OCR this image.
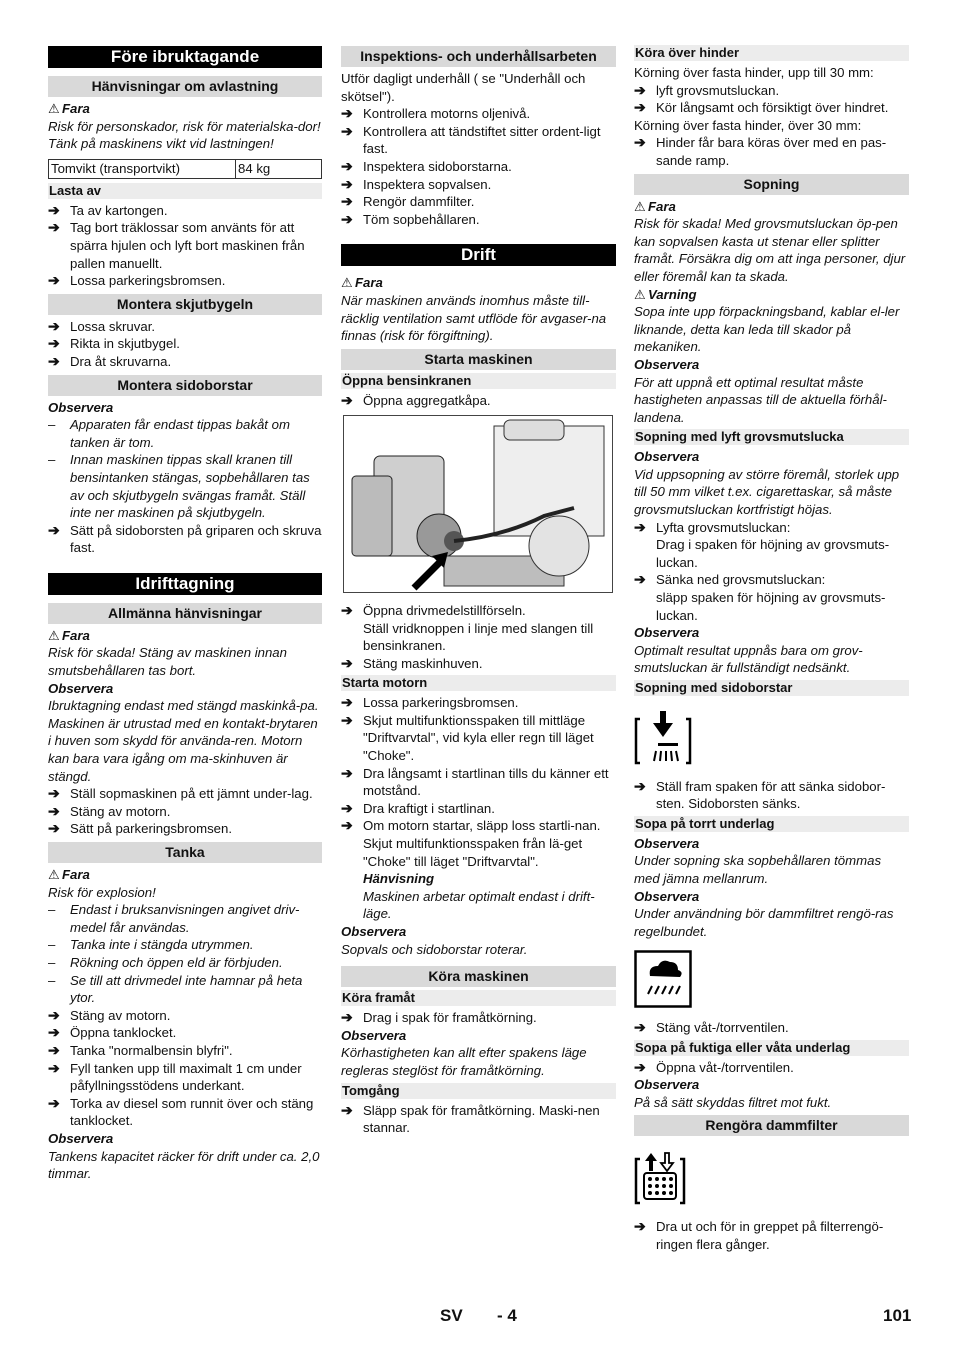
Före ibruktagande
Hänvisningar om avlastning

⚠ Fara

Risk för personskador, risk för materialska-dor!

Tänk på maskinens vikt vid lastningen!

Tomvikt (transportvikt)	84 kg
Lasta av
➔ Ta av kartongen.
➔ Tag bort träklossar som använts för att spärra hjulen och lyft bort maskinen från pallen manuellt.
➔ Lossa parkeringsbromsen.
Montera skjutbygeln
➔ Lossa skruvar.
➔ Rikta in skjutbygel.
➔ Dra åt skruvarna.
Montera sidoborstar

Observera

– Apparaten får endast tippas bakåt om tanken är tom.
– Innan maskinen tippas skall kranen till bensintanken stängas, sopbehållaren tas av och skjutbygeln svängas framåt. Ställ inte ner maskinen på skjutbygeln.
➔ Sätt på sidoborsten på griparen och skruva fast.
Idrifttagning
Allmänna hänvisningar

⚠ Fara

Risk för skada! Stäng av maskinen innan smutsbehållaren tas bort.

Observera

Ibruktagning endast med stängd maskinkå-pa. Maskinen är utrustad med en kontakt-brytaren i huven som skydd för använda-ren. Motorn kan bara vara igång om ma-skinhuven är stängd.

➔ Ställ sopmaskinen på ett jämnt under-lag.
➔ Stäng av motorn.
➔ Sätt på parkeringsbromsen.
Tanka

⚠ Fara

Risk för explosion!

– Endast i bruksanvisningen angivet driv-medel får användas.
– Tanka inte i stängda utrymmen.
– Rökning och öppen eld är förbjuden.
– Se till att drivmedel inte hamnar på heta ytor.
➔ Stäng av motorn.
➔ Öppna tanklocket.
➔ Tanka "normalbensin blyfri".
➔ Fyll tanken upp till maximalt 1 cm under påfyllningsstödens underkant.
➔ Torka av diesel som runnit över och stäng tanklocket.

Observera

Tankens kapacitet räcker för drift under ca. 2,0 timmar.

Inspektions- och underhållsarbeten

Utför dagligt underhåll ( se "Underhåll och skötsel").

➔ Kontrollera motorns oljenivå.
➔ Kontrollera att tändstiftet sitter ordent-ligt fast.
➔ Inspektera sidoborstarna.
➔ Inspektera sopvalsen.
➔ Rengör dammfilter.
➔ Töm sopbehållaren.
Drift

⚠ Fara

När maskinen används inomhus måste till-räcklig ventilation samt utflöde för avgaser-na finnas (risk för förgiftning).

Starta maskinen
Öppna bensinkranen
➔ Öppna aggregatkåpa.
➔ Öppna drivmedelstillförseln.
Ställ vridknoppen i linje med slangen till bensinkranen.
➔ Stäng maskinhuven.
Starta motorn
➔ Lossa parkeringsbromsen.
➔ Skjut multifunktionsspaken till mittläge "Driftvarvtal", vid kyla eller regn till läget "Choke".
➔ Dra långsamt i startlinan tills du känner ett motstånd.
➔ Dra kraftigt i startlinan.
➔ Om motorn startar, släpp loss startli-nan. Skjut multifunktionsspaken från lä-get "Choke" till läget "Driftvarvtal".
Hänvisning
Maskinen arbetar optimalt endast i drift-läge.

Observera

Sopvals och sidoborstar roterar.

Köra maskinen
Köra framåt
➔ Drag i spak för framåtkörning.

Observera

Körhastigheten kan allt efter spakens läge regleras steglöst för framåtkörning.

Tomgång
➔ Släpp spak för framåtkörning. Maski-nen stannar.
Köra över hinder

Körning över fasta hinder, upp till 30 mm:

➔ lyft grovsmutsluckan.
➔ Kör långsamt och försiktigt över hindret.

Körning över fasta hinder, över 30 mm:

➔ Hinder får bara köras över med en pas-sande ramp.
Sopning

⚠ Fara

Risk för skada! Med grovsmutsluckan öp-pen kan sopvalsen kasta ut stenar eller splitter framåt. Försäkra dig om att inga personer, djur eller föremål kan ta skada.

⚠ Varning

Sopa inte upp förpackningsband, kablar el-ler liknande, detta kan leda till skador på mekaniken.

Observera

För att uppnå ett optimal resultat måste hastigheten anpassas till de aktuella förhål-landena.

Sopning med lyft grovsmutslucka

Observera

Vid uppsopning av större föremål, storlek upp till 50 mm vilket t.ex. cigarettaskar, så måste grovsmutsluckan kortfristigt höjas.

➔ Lyfta grovsmutsluckan:
Drag i spaken för höjning av grovsmuts-luckan.
➔ Sänka ned grovsmutsluckan:
släpp spaken för höjning av grovsmuts-luckan.

Observera

Optimalt resultat uppnås bara om grov-smutsluckan är fullständigt nedsänkt.

Sopning med sidoborstar
➔ Ställ fram spaken för att sänka sidobor-sten. Sidoborsten sänks.
Sopa på torrt underlag

Observera

Under sopning ska sopbehållaren tömmas med jämna mellanrum.

Observera

Under användning bör dammfiltret rengö-ras regelbundet.

➔ Stäng våt-/torrventilen.
Sopa på fuktiga eller våta underlag
➔ Öppna våt-/torrventilen.

Observera

På så sätt skyddas filtret mot fukt.

Rengöra dammfilter
➔ Dra ut och för in greppet på filterrengö-ringen flera gånger.
SV - 4	101
